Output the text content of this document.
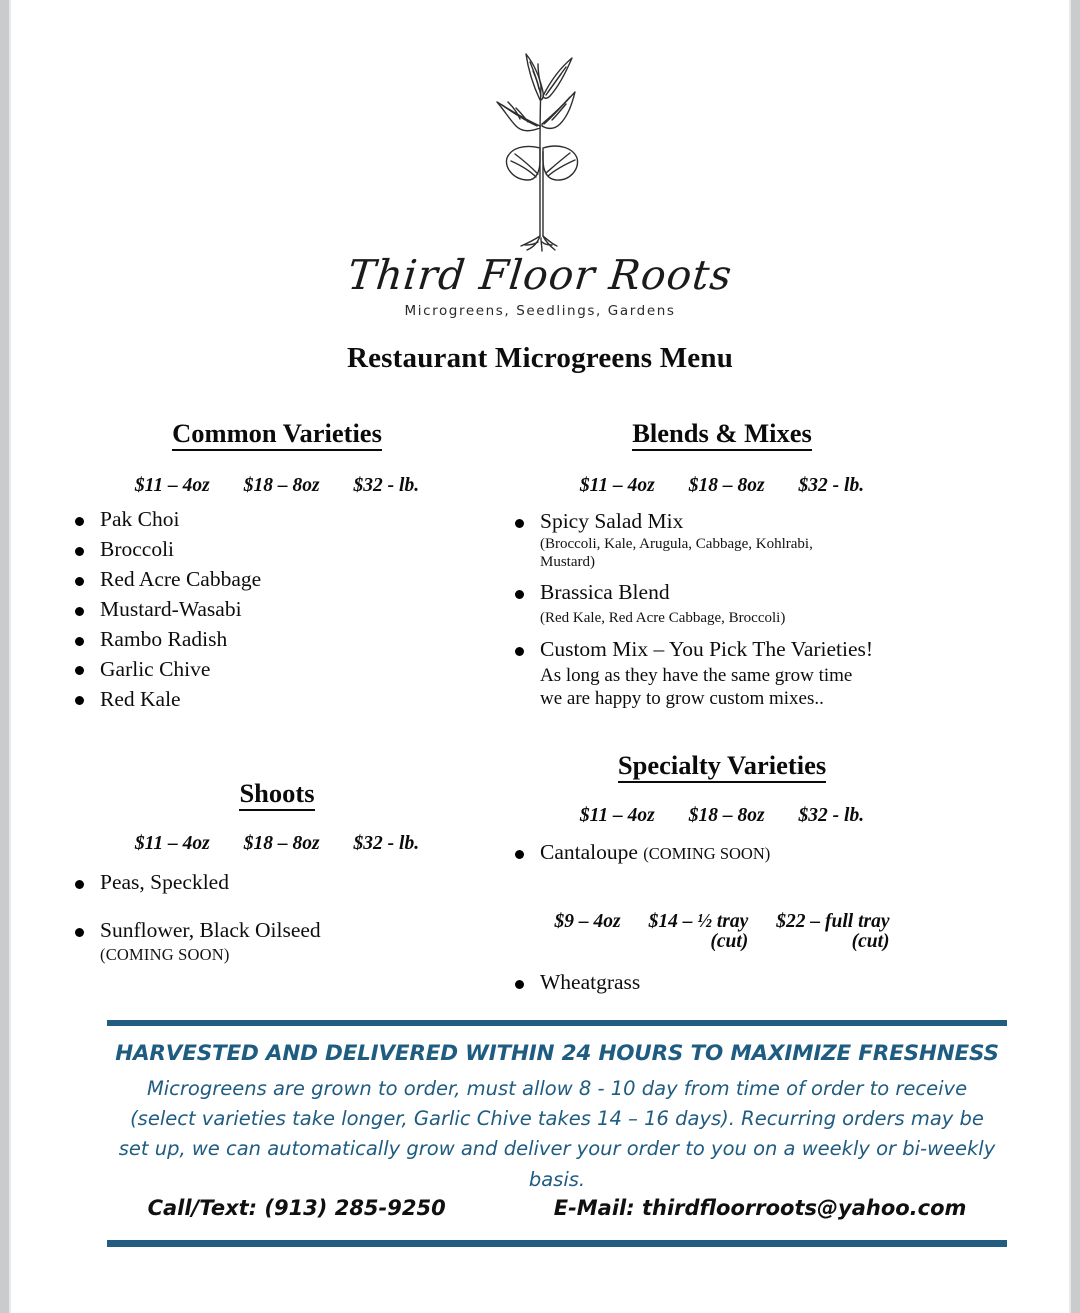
Third Floor Roots
Microgreens, Seedlings, Gardens
Restaurant Microgreens Menu
Common Varieties
$11 – 4oz $18 – 8oz $32 - lb.
Pak Choi
Broccoli
Red Acre Cabbage
Mustard-Wasabi
Rambo Radish
Garlic Chive
Red Kale
Blends & Mixes
$11 – 4oz $18 – 8oz $32 - lb.
Spicy Salad Mix
(Broccoli, Kale, Arugula, Cabbage, Kohlrabi, Mustard)
Brassica Blend
(Red Kale, Red Acre Cabbage, Broccoli)
Custom Mix – You Pick The Varieties!
As long as they have the same grow time we are happy to grow custom mixes..
Shoots
$11 – 4oz $18 – 8oz $32 - lb.
Peas, Speckled
Sunflower, Black Oilseed
(COMING SOON)
Specialty Varieties
$11 – 4oz $18 – 8oz $32 - lb.
Cantaloupe (COMING SOON)
$9 – 4oz $14 – ½ tray
(cut)
$22 – full tray
(cut)
Wheatgrass
HARVESTED AND DELIVERED WITHIN 24 HOURS TO MAXIMIZE FRESHNESS
Microgreens are grown to order, must allow 8 - 10 day from time of order to receive (select varieties take longer, Garlic Chive takes 14 – 16 days). Recurring orders may be set up, we can automatically grow and deliver your order to you on a weekly or bi-weekly basis.
Call/Text: (913) 285-9250	E-Mail: thirdfloorroots@yahoo.com
